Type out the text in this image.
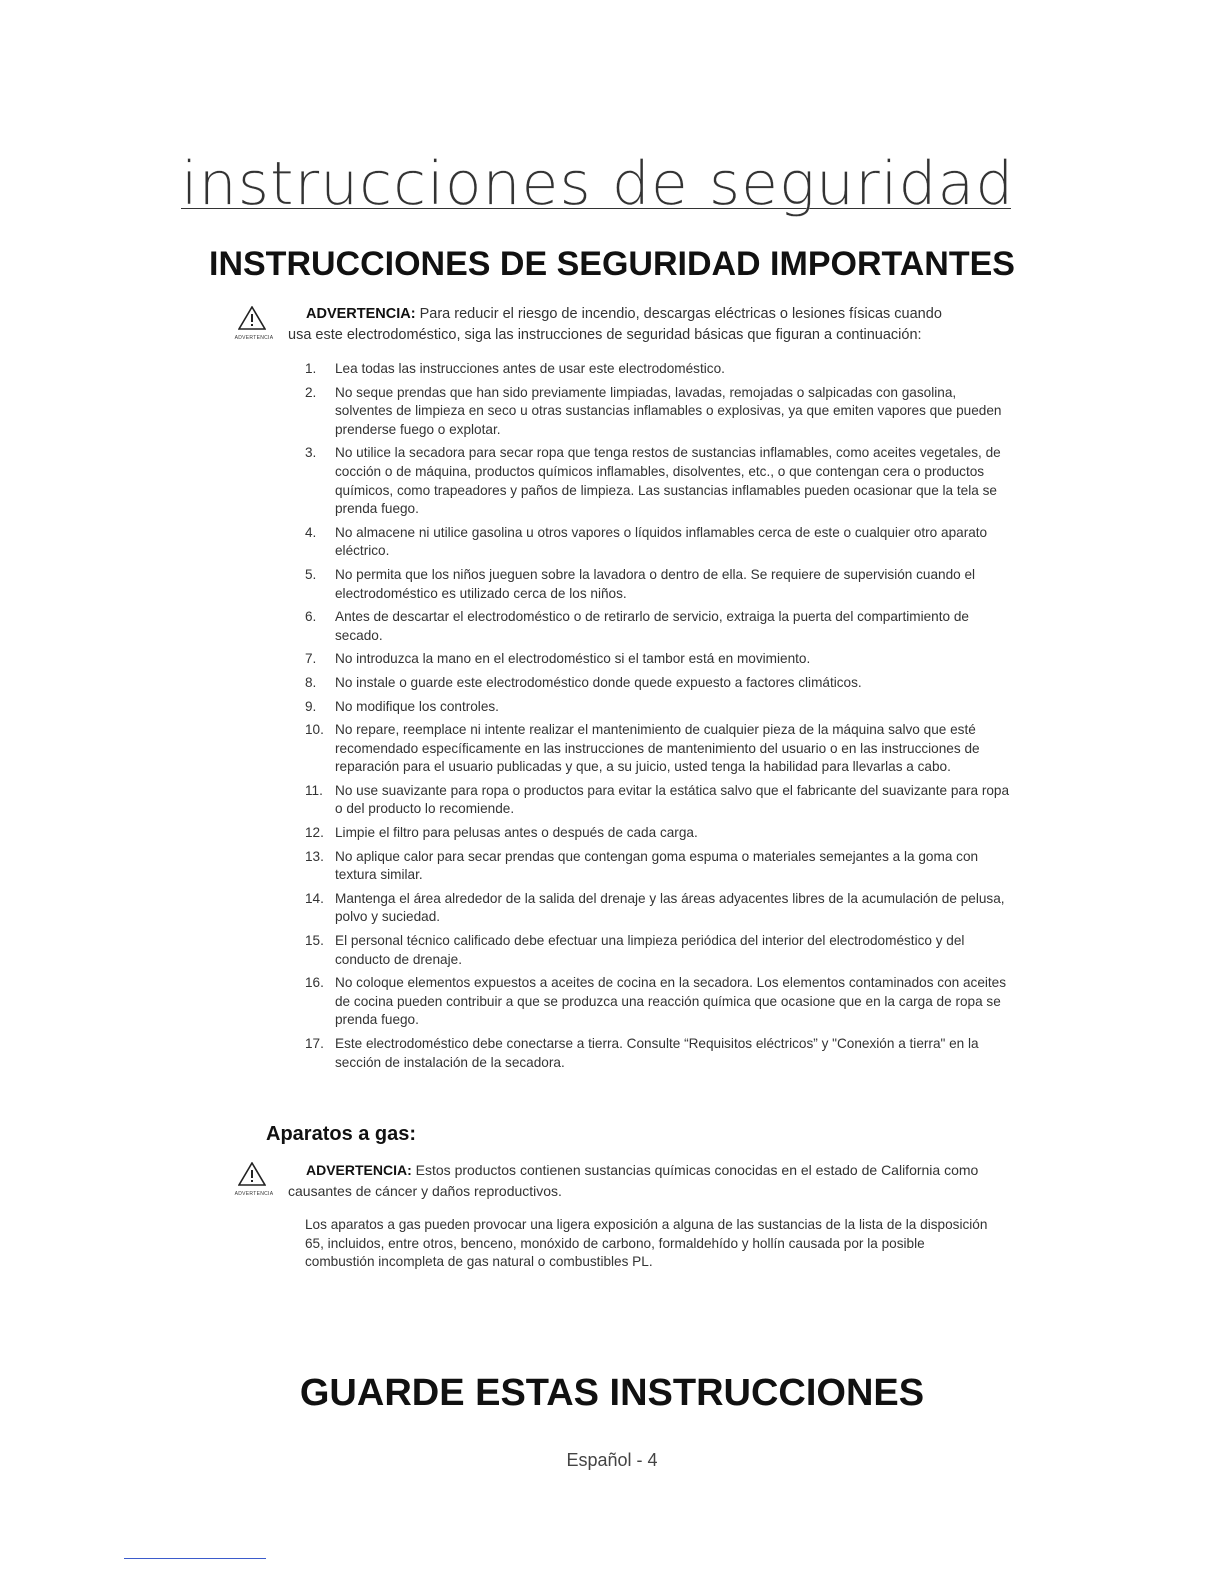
instrucciones de seguridad
INSTRUCCIONES DE SEGURIDAD IMPORTANTES
ADVERTENCIA
ADVERTENCIA: Para reducir el riesgo de incendio, descargas eléctricas o lesiones físicas cuando
usa este electrodoméstico, siga las instrucciones de seguridad básicas que figuran a continuación:
1.	Lea todas las instrucciones antes de usar este electrodoméstico.
2.	No seque prendas que han sido previamente limpiadas, lavadas, remojadas o salpicadas con gasolina, solventes de limpieza en seco u otras sustancias inflamables o explosivas, ya que emiten vapores que pueden prenderse fuego o explotar.
3.	No utilice la secadora para secar ropa que tenga restos de sustancias inflamables, como aceites vegetales, de cocción o de máquina, productos químicos inflamables, disolventes, etc., o que contengan cera o productos químicos, como trapeadores y paños de limpieza. Las sustancias inflamables pueden ocasionar que la tela se prenda fuego.
4.	No almacene ni utilice gasolina u otros vapores o líquidos inflamables cerca de este o cualquier otro aparato eléctrico.
5.	No permita que los niños jueguen sobre la lavadora o dentro de ella. Se requiere de supervisión cuando el electrodoméstico es utilizado cerca de los niños.
6.	Antes de descartar el electrodoméstico o de retirarlo de servicio, extraiga la puerta del compartimiento de secado.
7.	No introduzca la mano en el electrodoméstico si el tambor está en movimiento.
8.	No instale o guarde este electrodoméstico donde quede expuesto a factores climáticos.
9.	No modifique los controles.
10. No repare, reemplace ni intente realizar el mantenimiento de cualquier pieza de la máquina salvo que esté recomendado específicamente en las instrucciones de mantenimiento del usuario o en las instrucciones de reparación para el usuario publicadas y que, a su juicio, usted tenga la habilidad para llevarlas a cabo.
11. No use suavizante para ropa o productos para evitar la estática salvo que el fabricante del suavizante para ropa o del producto lo recomiende.
12. Limpie el filtro para pelusas antes o después de cada carga.
13. No aplique calor para secar prendas que contengan goma espuma o materiales semejantes a la goma con textura similar.
14. Mantenga el área alrededor de la salida del drenaje y las áreas adyacentes libres de la acumulación de pelusa, polvo y suciedad.
15. El personal técnico calificado debe efectuar una limpieza periódica del interior del electrodoméstico y del conducto de drenaje.
16. No coloque elementos expuestos a aceites de cocina en la secadora. Los elementos contaminados con aceites de cocina pueden contribuir a que se produzca una reacción química que ocasione que en la carga de ropa se prenda fuego.
17. Este electrodoméstico debe conectarse a tierra. Consulte “Requisitos eléctricos” y "Conexión a tierra" en la sección de instalación de la secadora.
Aparatos a gas:
ADVERTENCIA
ADVERTENCIA: Estos productos contienen sustancias químicas conocidas en el estado de California como
causantes de cáncer y daños reproductivos.
Los aparatos a gas pueden provocar una ligera exposición a alguna de las sustancias de la lista de la disposición 65, incluidos, entre otros, benceno, monóxido de carbono, formaldehído y hollín causada por la posible combustión incompleta de gas natural o combustibles PL.
GUARDE ESTAS INSTRUCCIONES
Español - 4
